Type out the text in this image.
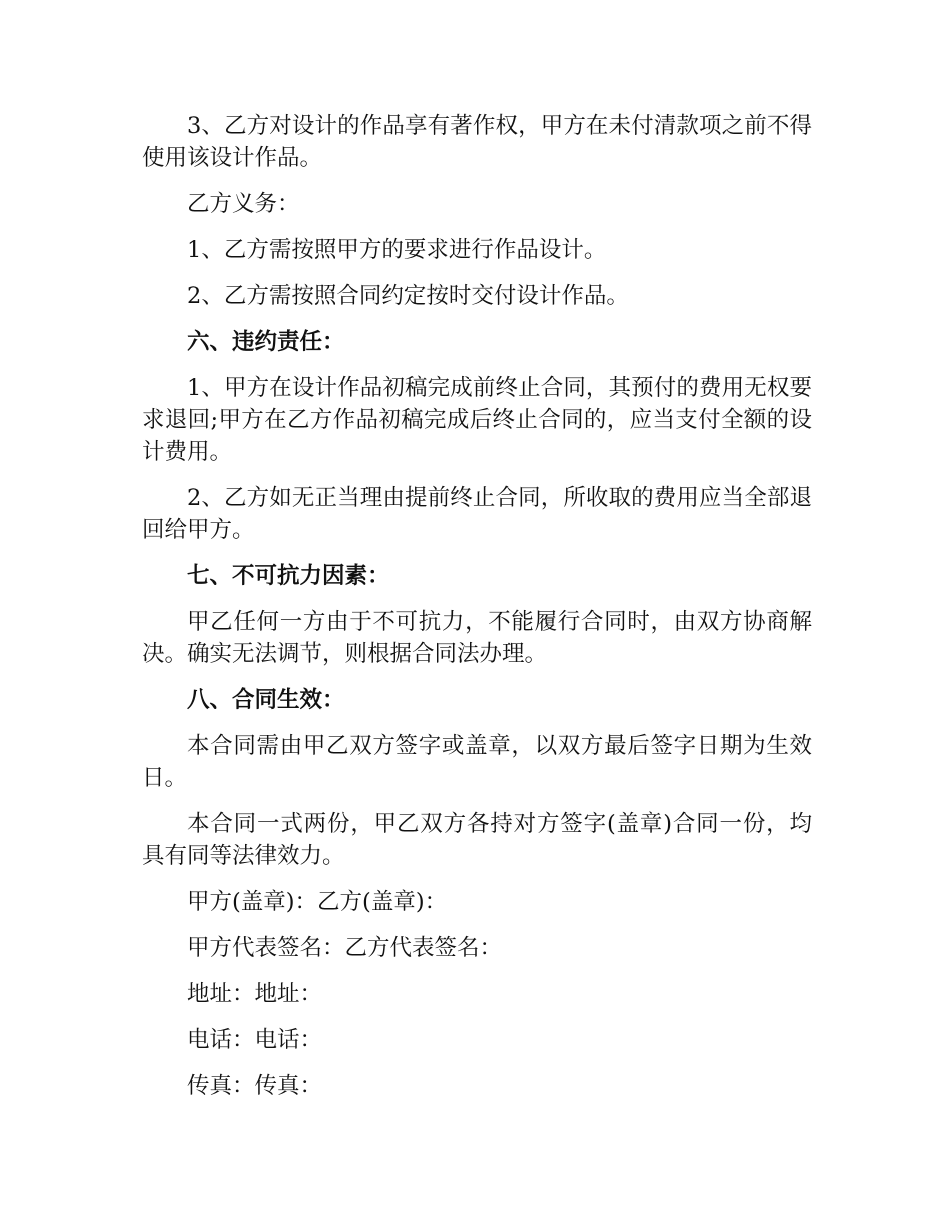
3、乙方对设计的作品享有著作权，甲方在未付清款项之前不得使用该设计作品。

乙方义务：

1、乙方需按照甲方的要求进行作品设计。

2、乙方需按照合同约定按时交付设计作品。

六、违约责任：

1、甲方在设计作品初稿完成前终止合同，其预付的费用无权要求退回;甲方在乙方作品初稿完成后终止合同的，应当支付全额的设计费用。

2、乙方如无正当理由提前终止合同，所收取的费用应当全部退回给甲方。

七、不可抗力因素：

甲乙任何一方由于不可抗力，不能履行合同时，由双方协商解决。确实无法调节，则根据合同法办理。

八、合同生效：

本合同需由甲乙双方签字或盖章，以双方最后签字日期为生效日。

本合同一式两份，甲乙双方各持对方签字(盖章)合同一份，均具有同等法律效力。

甲方(盖章)：乙方(盖章)：

甲方代表签名：乙方代表签名：

地址：地址：

电话：电话：

传真：传真：
